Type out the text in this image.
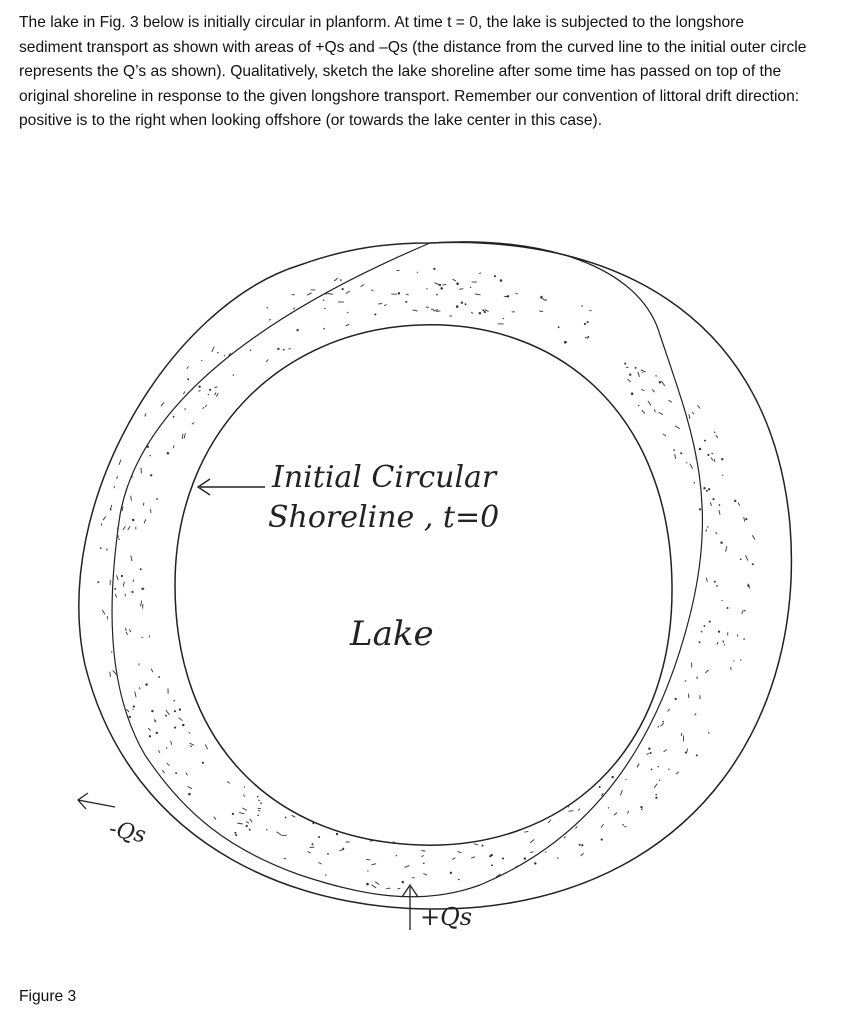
The lake in Fig. 3 below is initially circular in planform. At time t = 0, the lake is subjected to the longshore sediment transport as shown with areas of +Qs and –Qs (the distance from the curved line to the initial outer circle represents the Q’s as shown). Qualitatively, sketch the lake shoreline after some time has passed on top of the original shoreline in response to the given longshore transport. Remember our convention of littoral drift direction: positive is to the right when looking offshore (or towards the lake center in this case).

Initial Circular
Shoreline , t=0
Lake
-Qs
+Qs

Figure 3
